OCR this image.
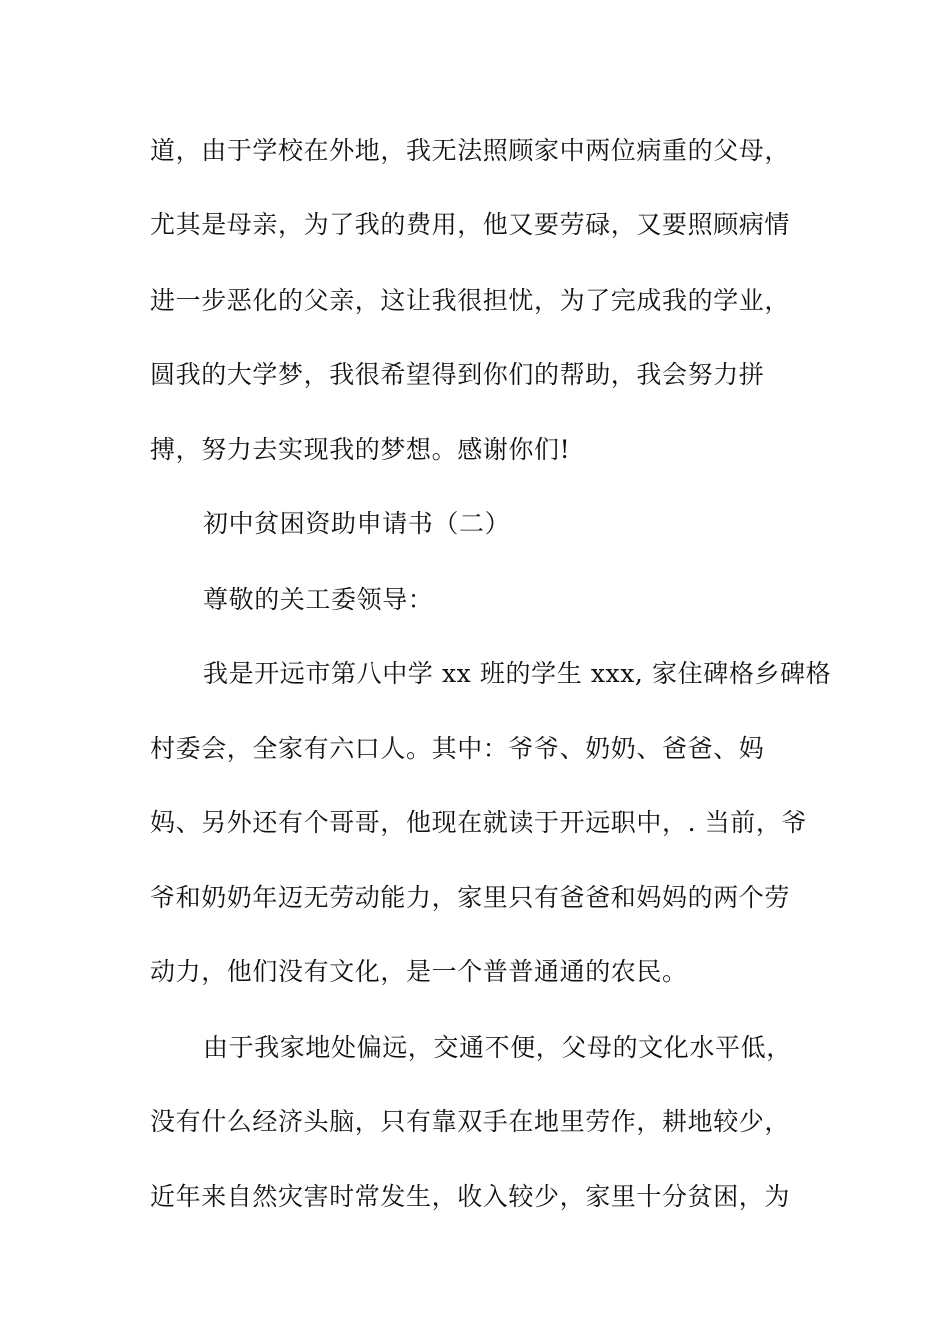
道，由于学校在外地，我无法照顾家中两位病重的父母，
尤其是母亲，为了我的费用，他又要劳碌，又要照顾病情
进一步恶化的父亲，这让我很担忧，为了完成我的学业，
圆我的大学梦，我很希望得到你们的帮助，我会努力拼
搏，努力去实现我的梦想。感谢你们!
初中贫困资助申请书（二）
尊敬的关工委领导：
我是开远市第八中学 xx 班的学生 xxx, 家住碑格乡碑格
村委会，全家有六口人。其中：爷爷、奶奶、爸爸、妈
妈、另外还有个哥哥，他现在就读于开远职中，. 当前，爷
爷和奶奶年迈无劳动能力，家里只有爸爸和妈妈的两个劳
动力，他们没有文化，是一个普普通通的农民。
由于我家地处偏远，交通不便，父母的文化水平低，
没有什么经济头脑，只有靠双手在地里劳作，耕地较少，
近年来自然灾害时常发生，收入较少，家里十分贫困，为
